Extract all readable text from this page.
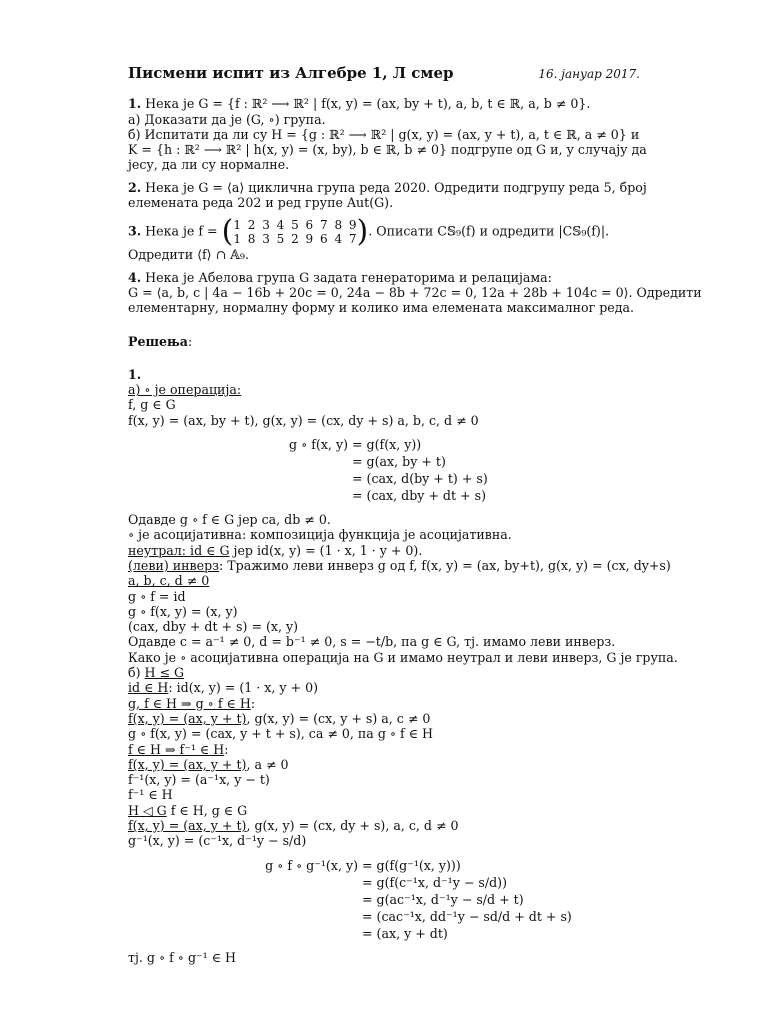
Писмени испит из Алгебре 1, Л смер	16. јануар 2017.
1. Нека је G = {f : ℝ² ⟶ ℝ² | f(x, y) = (ax, by + t), a, b, t ∈ ℝ, a, b ≠ 0}.
а) Доказати да је (G, ∘) група.
б) Испитати да ли су H = {g : ℝ² ⟶ ℝ² | g(x, y) = (ax, y + t), a, t ∈ ℝ, a ≠ 0} и
K = {h : ℝ² ⟶ ℝ² | h(x, y) = (x, by), b ∈ ℝ, b ≠ 0} подгрупе од G и, у случају да
јесу, да ли су нормалне.
2. Нека је G = ⟨a⟩ циклична група реда 2020. Одредити подгрупу реда 5, број
елемената реда 202 и ред групе Aut(G).
3. Нека је f = ( 1 2 3 4 5 6 7 8 9
1 8 3 5 2 9 6 4 7 ) . Описати C𝕊₉(f) и одредити |C𝕊₉(f)|.
Одредити ⟨f⟩ ∩ 𝔸₉.
4. Нека је Абелова група G задата генераторима и релацијама:
G = ⟨a, b, c | 4a − 16b + 20c = 0, 24a − 8b + 72c = 0, 12a + 28b + 104c = 0⟩. Одредити
елементарну, нормалну форму и колико има елемената максималног реда.
Решења:
1.
а) ∘ је операција:
f, g ∈ G
f(x, y) = (ax, by + t), g(x, y) = (cx, dy + s) a, b, c, d ≠ 0
g ∘ f(x, y) = g(f(x, y))
= g(ax, by + t)
= (cax, d(by + t) + s)
= (cax, dby + dt + s)
Одавде g ∘ f ∈ G јер ca, db ≠ 0.
∘ је асоцијативна: композиција функција је асоцијативна.
неутрал: id ∈ G јер id(x, y) = (1 · x, 1 · y + 0).
(леви) инверз: Тражимо леви инверз g од f, f(x, y) = (ax, by+t), g(x, y) = (cx, dy+s)
a, b, c, d ≠ 0
g ∘ f = id
g ∘ f(x, y) = (x, y)
(cax, dby + dt + s) = (x, y)
Одавде c = a⁻¹ ≠ 0, d = b⁻¹ ≠ 0, s = −t/b, па g ∈ G, тј. имамо леви инверз.
Како је ∘ асоцијативна операција на G и имамо неутрал и леви инверз, G је група.
б) H ≤ G
id ∈ H: id(x, y) = (1 · x, y + 0)
g, f ∈ H ⇒ g ∘ f ∈ H:
f(x, y) = (ax, y + t), g(x, y) = (cx, y + s) a, c ≠ 0
g ∘ f(x, y) = (cax, y + t + s), ca ≠ 0, па g ∘ f ∈ H
f ∈ H ⇒ f⁻¹ ∈ H:
f(x, y) = (ax, y + t), a ≠ 0
f⁻¹(x, y) = (a⁻¹x, y − t)
f⁻¹ ∈ H
H ◁ G f ∈ H, g ∈ G
f(x, y) = (ax, y + t), g(x, y) = (cx, dy + s), a, c, d ≠ 0
g⁻¹(x, y) = (c⁻¹x, d⁻¹y − s/d)
g ∘ f ∘ g⁻¹(x, y) = g(f(g⁻¹(x, y)))
= g(f(c⁻¹x, d⁻¹y − s/d))
= g(ac⁻¹x, d⁻¹y − s/d + t)
= (cac⁻¹x, dd⁻¹y − sd/d + dt + s)
= (ax, y + dt)
тј. g ∘ f ∘ g⁻¹ ∈ H
